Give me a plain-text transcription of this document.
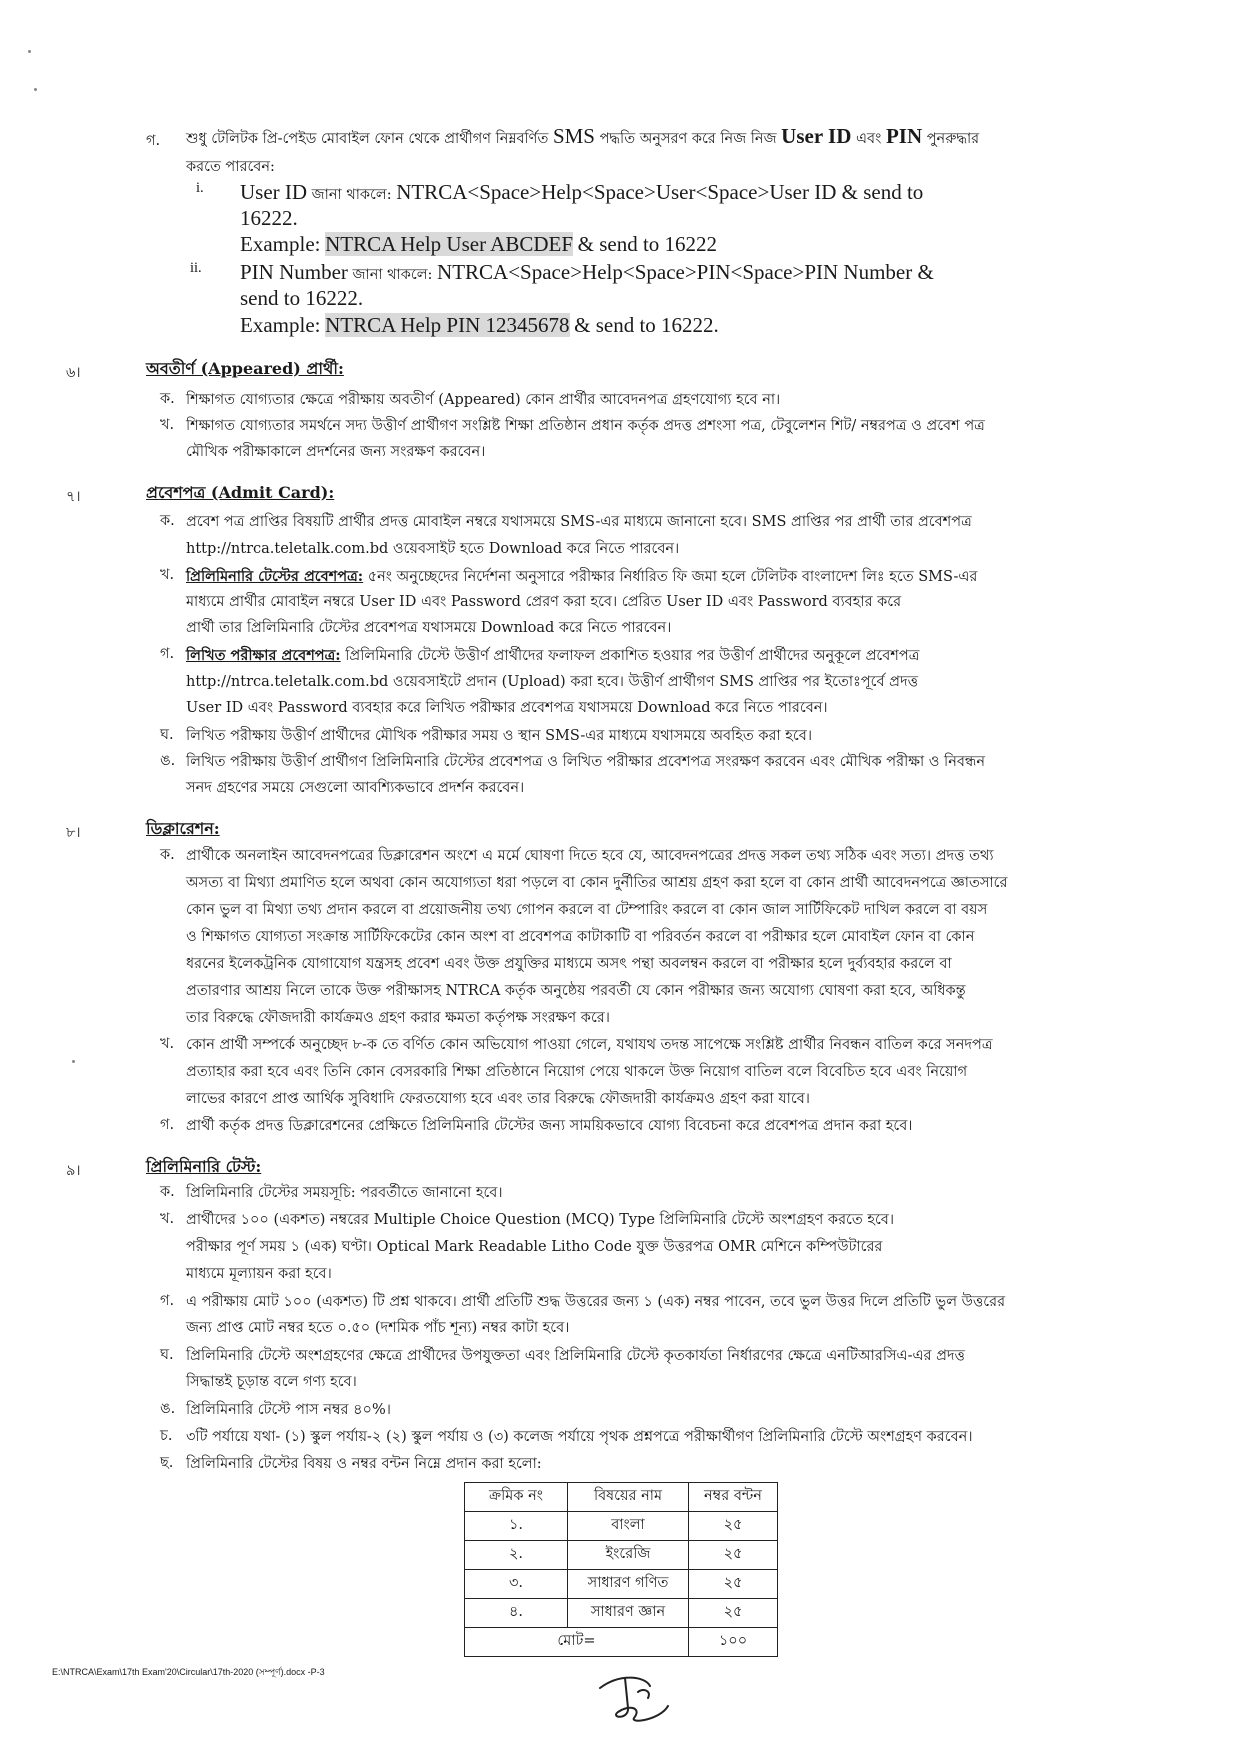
গ. শুধু টেলিটক প্রি-পেইড মোবাইল ফোন থেকে প্রার্থীগণ নিম্নবর্ণিত SMS পদ্ধতি অনুসরণ করে নিজ নিজ User ID এবং PIN পুনরুদ্ধার
করতে পারবেন:
i. User ID জানা থাকলে: NTRCA<Space>Help<Space>User<Space>User ID & send to
16222.
Example: NTRCA Help User ABCDEF & send to 16222
ii. PIN Number জানা থাকলে: NTRCA<Space>Help<Space>PIN<Space>PIN Number &
send to 16222.
Example: NTRCA Help PIN 12345678 & send to 16222.
৬।	অবতীর্ণ (Appeared) প্রার্থী:
ক. শিক্ষাগত যোগ্যতার ক্ষেত্রে পরীক্ষায় অবতীর্ণ (Appeared) কোন প্রার্থীর আবেদনপত্র গ্রহণযোগ্য হবে না।
খ. শিক্ষাগত যোগ্যতার সমর্থনে সদ্য উত্তীর্ণ প্রার্থীগণ সংশ্লিষ্ট শিক্ষা প্রতিষ্ঠান প্রধান কর্তৃক প্রদত্ত প্রশংসা পত্র, টেবুলেশন শিট/ নম্বরপত্র ও প্রবেশ পত্র
মৌখিক পরীক্ষাকালে প্রদর্শনের জন্য সংরক্ষণ করবেন।
৭।	প্রবেশপত্র (Admit Card):
ক. প্রবেশ পত্র প্রাপ্তির বিষয়টি প্রার্থীর প্রদত্ত মোবাইল নম্বরে যথাসময়ে SMS-এর মাধ্যমে জানানো হবে। SMS প্রাপ্তির পর প্রার্থী তার প্রবেশপত্র
http://ntrca.teletalk.com.bd ওয়েবসাইট হতে Download করে নিতে পারবেন।
খ. প্রিলিমিনারি টেস্টের প্রবেশপত্র: ৫নং অনুচ্ছেদের নির্দেশনা অনুসারে পরীক্ষার নির্ধারিত ফি জমা হলে টেলিটক বাংলাদেশ লিঃ হতে SMS-এর
মাধ্যমে প্রার্থীর মোবাইল নম্বরে User ID এবং Password প্রেরণ করা হবে। প্রেরিত User ID এবং Password ব্যবহার করে
প্রার্থী তার প্রিলিমিনারি টেস্টের প্রবেশপত্র যথাসময়ে Download করে নিতে পারবেন।
গ. লিখিত পরীক্ষার প্রবেশপত্র: প্রিলিমিনারি টেস্টে উত্তীর্ণ প্রার্থীদের ফলাফল প্রকাশিত হওয়ার পর উত্তীর্ণ প্রার্থীদের অনুকূলে প্রবেশপত্র
http://ntrca.teletalk.com.bd ওয়েবসাইটে প্রদান (Upload) করা হবে। উত্তীর্ণ প্রার্থীগণ SMS প্রাপ্তির পর ইতোঃপূর্বে প্রদত্ত
User ID এবং Password ব্যবহার করে লিখিত পরীক্ষার প্রবেশপত্র যথাসময়ে Download করে নিতে পারবেন।
ঘ. লিখিত পরীক্ষায় উত্তীর্ণ প্রার্থীদের মৌখিক পরীক্ষার সময় ও স্থান SMS-এর মাধ্যমে যথাসময়ে অবহিত করা হবে।
ঙ. লিখিত পরীক্ষায় উত্তীর্ণ প্রার্থীগণ প্রিলিমিনারি টেস্টের প্রবেশপত্র ও লিখিত পরীক্ষার প্রবেশপত্র সংরক্ষণ করবেন এবং মৌখিক পরীক্ষা ও নিবন্ধন
সনদ গ্রহণের সময়ে সেগুলো আবশ্যিকভাবে প্রদর্শন করবেন।
৮।	ডিক্লারেশন:
ক. প্রার্থীকে অনলাইন আবেদনপত্রের ডিক্লারেশন অংশে এ মর্মে ঘোষণা দিতে হবে যে, আবেদনপত্রের প্রদত্ত সকল তথ্য সঠিক এবং সত্য। প্রদত্ত তথ্য
অসত্য বা মিথ্যা প্রমাণিত হলে অথবা কোন অযোগ্যতা ধরা পড়লে বা কোন দুর্নীতির আশ্রয় গ্রহণ করা হলে বা কোন প্রার্থী আবেদনপত্রে জ্ঞাতসারে
কোন ভুল বা মিথ্যা তথ্য প্রদান করলে বা প্রয়োজনীয় তথ্য গোপন করলে বা টেম্পারিং করলে বা কোন জাল সার্টিফিকেট দাখিল করলে বা বয়স
ও শিক্ষাগত যোগ্যতা সংক্রান্ত সার্টিফিকেটের কোন অংশ বা প্রবেশপত্র কাটাকাটি বা পরিবর্তন করলে বা পরীক্ষার হলে মোবাইল ফোন বা কোন
ধরনের ইলেকট্রনিক যোগাযোগ যন্ত্রসহ প্রবেশ এবং উক্ত প্রযুক্তির মাধ্যমে অসৎ পন্থা অবলম্বন করলে বা পরীক্ষার হলে দুর্ব্যবহার করলে বা
প্রতারণার আশ্রয় নিলে তাকে উক্ত পরীক্ষাসহ NTRCA কর্তৃক অনুষ্ঠেয় পরবর্তী যে কোন পরীক্ষার জন্য অযোগ্য ঘোষণা করা হবে, অধিকন্তু
তার বিরুদ্ধে ফৌজদারী কার্যক্রমও গ্রহণ করার ক্ষমতা কর্তৃপক্ষ সংরক্ষণ করে।
খ. কোন প্রার্থী সম্পর্কে অনুচ্ছেদ ৮-ক তে বর্ণিত কোন অভিযোগ পাওয়া গেলে, যথাযথ তদন্ত সাপেক্ষে সংশ্লিষ্ট প্রার্থীর নিবন্ধন বাতিল করে সনদপত্র
প্রত্যাহার করা হবে এবং তিনি কোন বেসরকারি শিক্ষা প্রতিষ্ঠানে নিয়োগ পেয়ে থাকলে উক্ত নিয়োগ বাতিল বলে বিবেচিত হবে এবং নিয়োগ
লাভের কারণে প্রাপ্ত আর্থিক সুবিধাদি ফেরতযোগ্য হবে এবং তার বিরুদ্ধে ফৌজদারী কার্যক্রমও গ্রহণ করা যাবে।
গ. প্রার্থী কর্তৃক প্রদত্ত ডিক্লারেশনের প্রেক্ষিতে প্রিলিমিনারি টেস্টের জন্য সাময়িকভাবে যোগ্য বিবেচনা করে প্রবেশপত্র প্রদান করা হবে।
৯।	প্রিলিমিনারি টেস্ট:
ক. প্রিলিমিনারি টেস্টের সময়সূচি: পরবর্তীতে জানানো হবে।
খ. প্রার্থীদের ১০০ (একশত) নম্বরের Multiple Choice Question (MCQ) Type প্রিলিমিনারি টেস্টে অংশগ্রহণ করতে হবে।
পরীক্ষার পূর্ণ সময় ১ (এক) ঘণ্টা। Optical Mark Readable Litho Code যুক্ত উত্তরপত্র OMR মেশিনে কম্পিউটারের
মাধ্যমে মূল্যায়ন করা হবে।
গ. এ পরীক্ষায় মোট ১০০ (একশত) টি প্রশ্ন থাকবে। প্রার্থী প্রতিটি শুদ্ধ উত্তরের জন্য ১ (এক) নম্বর পাবেন, তবে ভুল উত্তর দিলে প্রতিটি ভুল উত্তরের
জন্য প্রাপ্ত মোট নম্বর হতে ০.৫০ (দশমিক পাঁচ শূন্য) নম্বর কাটা হবে।
ঘ. প্রিলিমিনারি টেস্টে অংশগ্রহণের ক্ষেত্রে প্রার্থীদের উপযুক্ততা এবং প্রিলিমিনারি টেস্টে কৃতকার্যতা নির্ধারণের ক্ষেত্রে এনটিআরসিএ-এর প্রদত্ত
সিদ্ধান্তই চূড়ান্ত বলে গণ্য হবে।
ঙ. প্রিলিমিনারি টেস্টে পাস নম্বর ৪০%।
চ. ৩টি পর্যায়ে যথা- (১) স্কুল পর্যায়-২ (২) স্কুল পর্যায় ও (৩) কলেজ পর্যায়ে পৃথক প্রশ্নপত্রে পরীক্ষার্থীগণ প্রিলিমিনারি টেস্টে অংশগ্রহণ করবেন।
ছ. প্রিলিমিনারি টেস্টের বিষয় ও নম্বর বন্টন নিম্নে প্রদান করা হলো:
ক্রমিক নং	বিষয়ের নাম	নম্বর বন্টন
১.	বাংলা	২৫
২.	ইংরেজি	২৫
৩.	সাধারণ গণিত	২৫
৪.	সাধারণ জ্ঞান	২৫
মোট=		১০০
E:\NTRCA\Exam\17th Exam'20\Circular\17th-2020 (সম্পূর্ণ).docx -P-3
